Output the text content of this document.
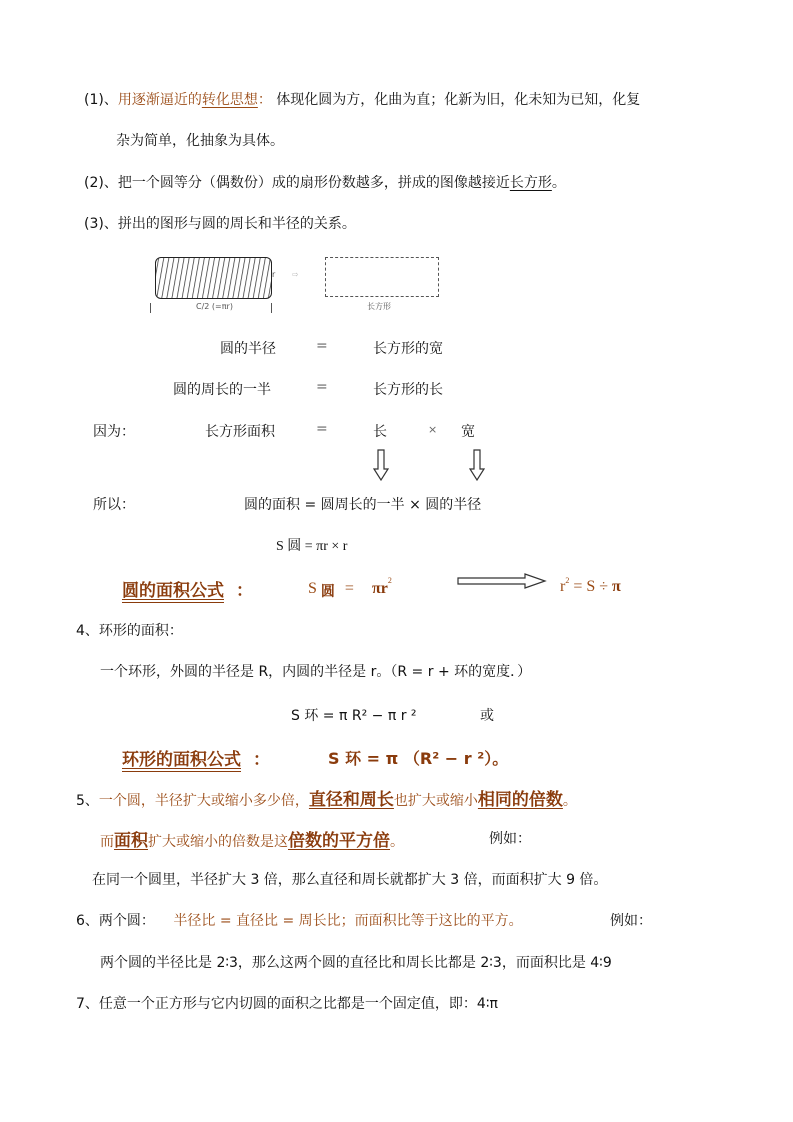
(1)、用逐渐逼近的转化思想： 体现化圆为方，化曲为直；化新为旧，化未知为已知，化复
杂为简单，化抽象为具体。
(2)、把一个圆等分（偶数份）成的扇形份数越多，拼成的图像越接近长方形。
(3)、拼出的图形与圆的周长和半径的关系。
r
C/2 (=πr)
⇨
长方形
圆的半径	=	长方形的宽
圆的周长的一半	=	长方形的长
因为：	长方形面积	=	长	× 宽
所以：	圆的面积 = 圆周长的一半 × 圆的半径
S 圆 = πr × r
圆的面积公式 ：	S 圆 = $\pi r^2$	$r^2 = S \div \pi$
4、环形的面积：
一个环形，外圆的半径是 R，内圆的半径是 r。（R = r + 环的宽度．）
S 环 = π R² − π r ²	或
环形的面积公式 ：	S 环 = π （R² − r ²）。
5、一个圆，半径扩大或缩小多少倍，直径和周长也扩大或缩小相同的倍数。
而面积扩大或缩小的倍数是这倍数的平方倍。	例如：
在同一个圆里，半径扩大 3 倍，那么直径和周长就都扩大 3 倍，而面积扩大 9 倍。
6、两个圆： 半径比 = 直径比 = 周长比；而面积比等于这比的平方。	例如：
两个圆的半径比是 2∶3，那么这两个圆的直径比和周长比都是 2∶3，而面积比是 4∶9
7、任意一个正方形与它内切圆的面积之比都是一个固定值，即：4∶π
